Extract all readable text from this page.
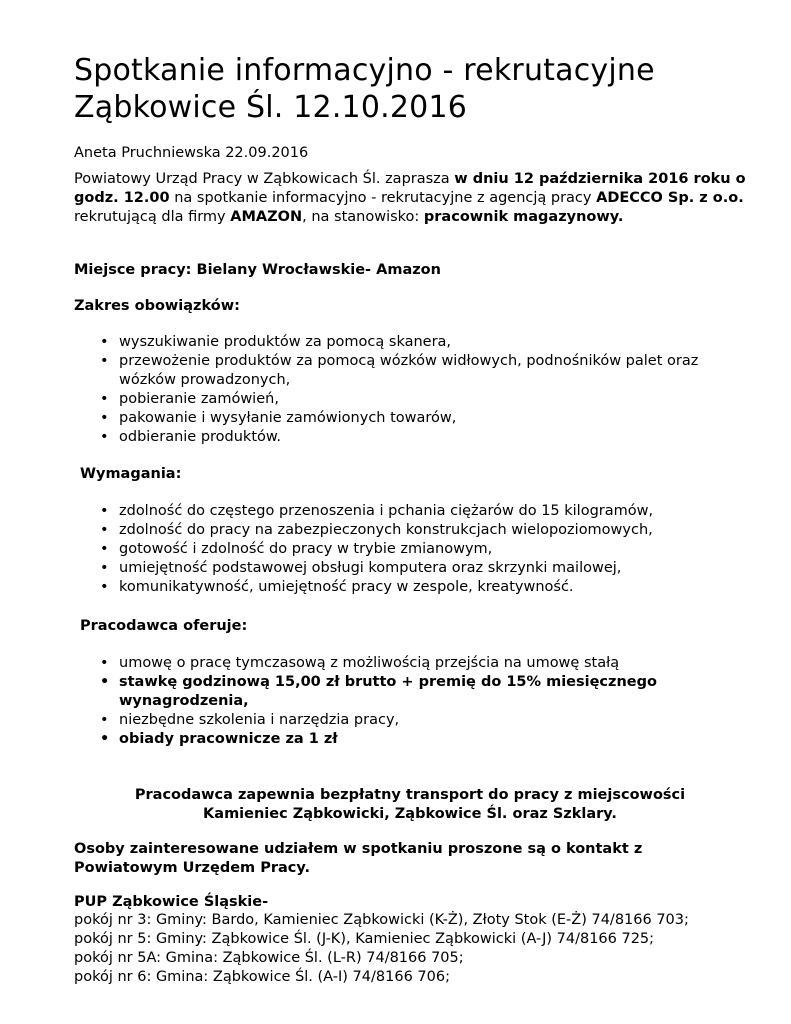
Spotkanie informacyjno - rekrutacyjne
Ząbkowice Śl. 12.10.2016

Aneta Pruchniewska 22.09.2016

Powiatowy Urząd Pracy w Ząbkowicach Śl. zaprasza w dniu 12 października 2016 roku o godz. 12.00 na spotkanie informacyjno - rekrutacyjne z agencją pracy ADECCO Sp. z o.o. rekrutującą dla firmy AMAZON, na stanowisko: pracownik magazynowy.

Miejsce pracy: Bielany Wrocławskie- Amazon

Zakres obowiązków:

• wyszukiwanie produktów za pomocą skanera,
• przewożenie produktów za pomocą wózków widłowych, podnośników palet oraz wózków prowadzonych,
• pobieranie zamówień,
• pakowanie i wysyłanie zamówionych towarów,
• odbieranie produktów.

Wymagania:

• zdolność do częstego przenoszenia i pchania ciężarów do 15 kilogramów,
• zdolność do pracy na zabezpieczonych konstrukcjach wielopoziomowych,
• gotowość i zdolność do pracy w trybie zmianowym,
• umiejętność podstawowej obsługi komputera oraz skrzynki mailowej,
• komunikatywność, umiejętność pracy w zespole, kreatywność.

Pracodawca oferuje:

• umowę o pracę tymczasową z możliwością przejścia na umowę stałą
• stawkę godzinową 15,00 zł brutto + premię do 15% miesięcznego wynagrodzenia,
• niezbędne szkolenia i narzędzia pracy,
• obiady pracownicze za 1 zł

Pracodawca zapewnia bezpłatny transport do pracy z miejscowości Kamieniec Ząbkowicki, Ząbkowice Śl. oraz Szklary.

Osoby zainteresowane udziałem w spotkaniu proszone są o kontakt z Powiatowym Urzędem Pracy.

PUP Ząbkowice Śląskie-

pokój nr 3: Gminy: Bardo, Kamieniec Ząbkowicki (K-Ż), Złoty Stok (E-Ż) 74/8166 703;
pokój nr 5: Gminy: Ząbkowice Śl. (J-K), Kamieniec Ząbkowicki (A-J) 74/8166 725;
pokój nr 5A: Gmina: Ząbkowice Śl. (L-R) 74/8166 705;
pokój nr 6: Gmina: Ząbkowice Śl. (A-I) 74/8166 706;
